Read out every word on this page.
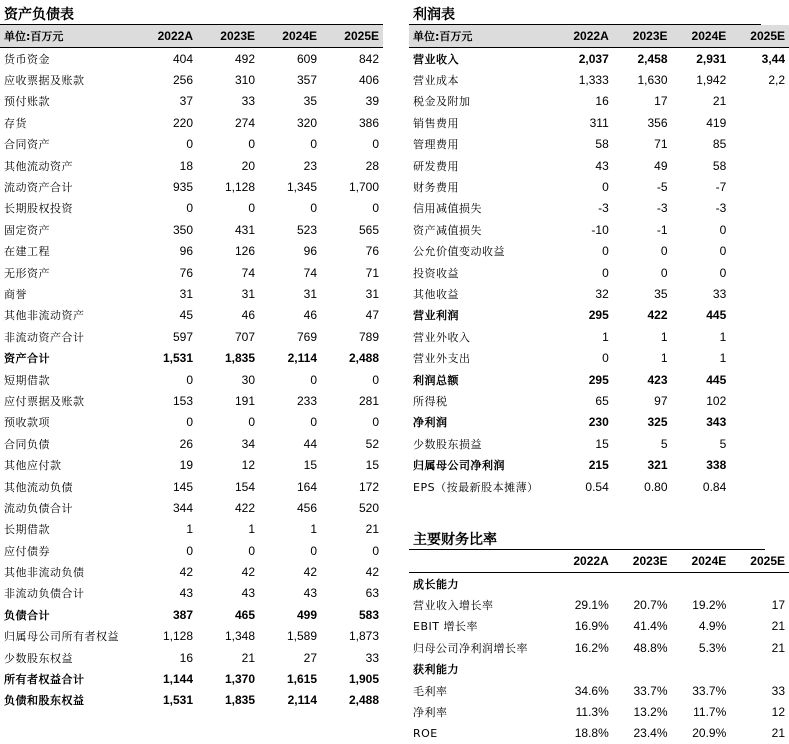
资产负债表
单位:百万元	2022A	2023E	2024E	2025E
货币资金	404	492	609	842
应收票据及账款	256	310	357	406
预付账款	37	33	35	39
存货	220	274	320	386
合同资产	0	0	0	0
其他流动资产	18	20	23	28
流动资产合计	935	1,128	1,345	1,700
长期股权投资	0	0	0	0
固定资产	350	431	523	565
在建工程	96	126	96	76
无形资产	76	74	74	71
商誉	31	31	31	31
其他非流动资产	45	46	46	47
非流动资产合计	597	707	769	789
资产合计	1,531	1,835	2,114	2,488
短期借款	0	30	0	0
应付票据及账款	153	191	233	281
预收款项	0	0	0	0
合同负债	26	34	44	52
其他应付款	19	12	15	15
其他流动负债	145	154	164	172
流动负债合计	344	422	456	520
长期借款	1	1	1	21
应付债券	0	0	0	0
其他非流动负债	42	42	42	42
非流动负债合计	43	43	43	63
负债合计	387	465	499	583
归属母公司所有者权益	1,128	1,348	1,589	1,873
少数股东权益	16	21	27	33
所有者权益合计	1,144	1,370	1,615	1,905
负债和股东权益	1,531	1,835	2,114	2,488
利润表
单位:百万元	2022A	2023E	2024E	2025E
营业收入	2,037	2,458	2,931	3,44
营业成本	1,333	1,630	1,942	2,2
税金及附加	16	17	21	
销售费用	311	356	419	
管理费用	58	71	85	
研发费用	43	49	58	
财务费用	0	-5	-7	
信用减值损失	-3	-3	-3	
资产减值损失	-10	-1	0	
公允价值变动收益	0	0	0	
投资收益	0	0	0	
其他收益	32	35	33	
营业利润	295	422	445	
营业外收入	1	1	1	
营业外支出	0	1	1	
利润总额	295	423	445	
所得税	65	97	102	
净利润	230	325	343	
少数股东损益	15	5	5	
归属母公司净利润	215	321	338	
EPS（按最新股本摊薄）	0.54	0.80	0.84	
主要财务比率
	2022A	2023E	2024E	2025E
成长能力				
营业收入增长率	29.1%	20.7%	19.2%	17
EBIT 增长率	16.9%	41.4%	4.9%	21
归母公司净利润增长率	16.2%	48.8%	5.3%	21
获利能力				
毛利率	34.6%	33.7%	33.7%	33
净利率	11.3%	13.2%	11.7%	12
ROE	18.8%	23.4%	20.9%	21
